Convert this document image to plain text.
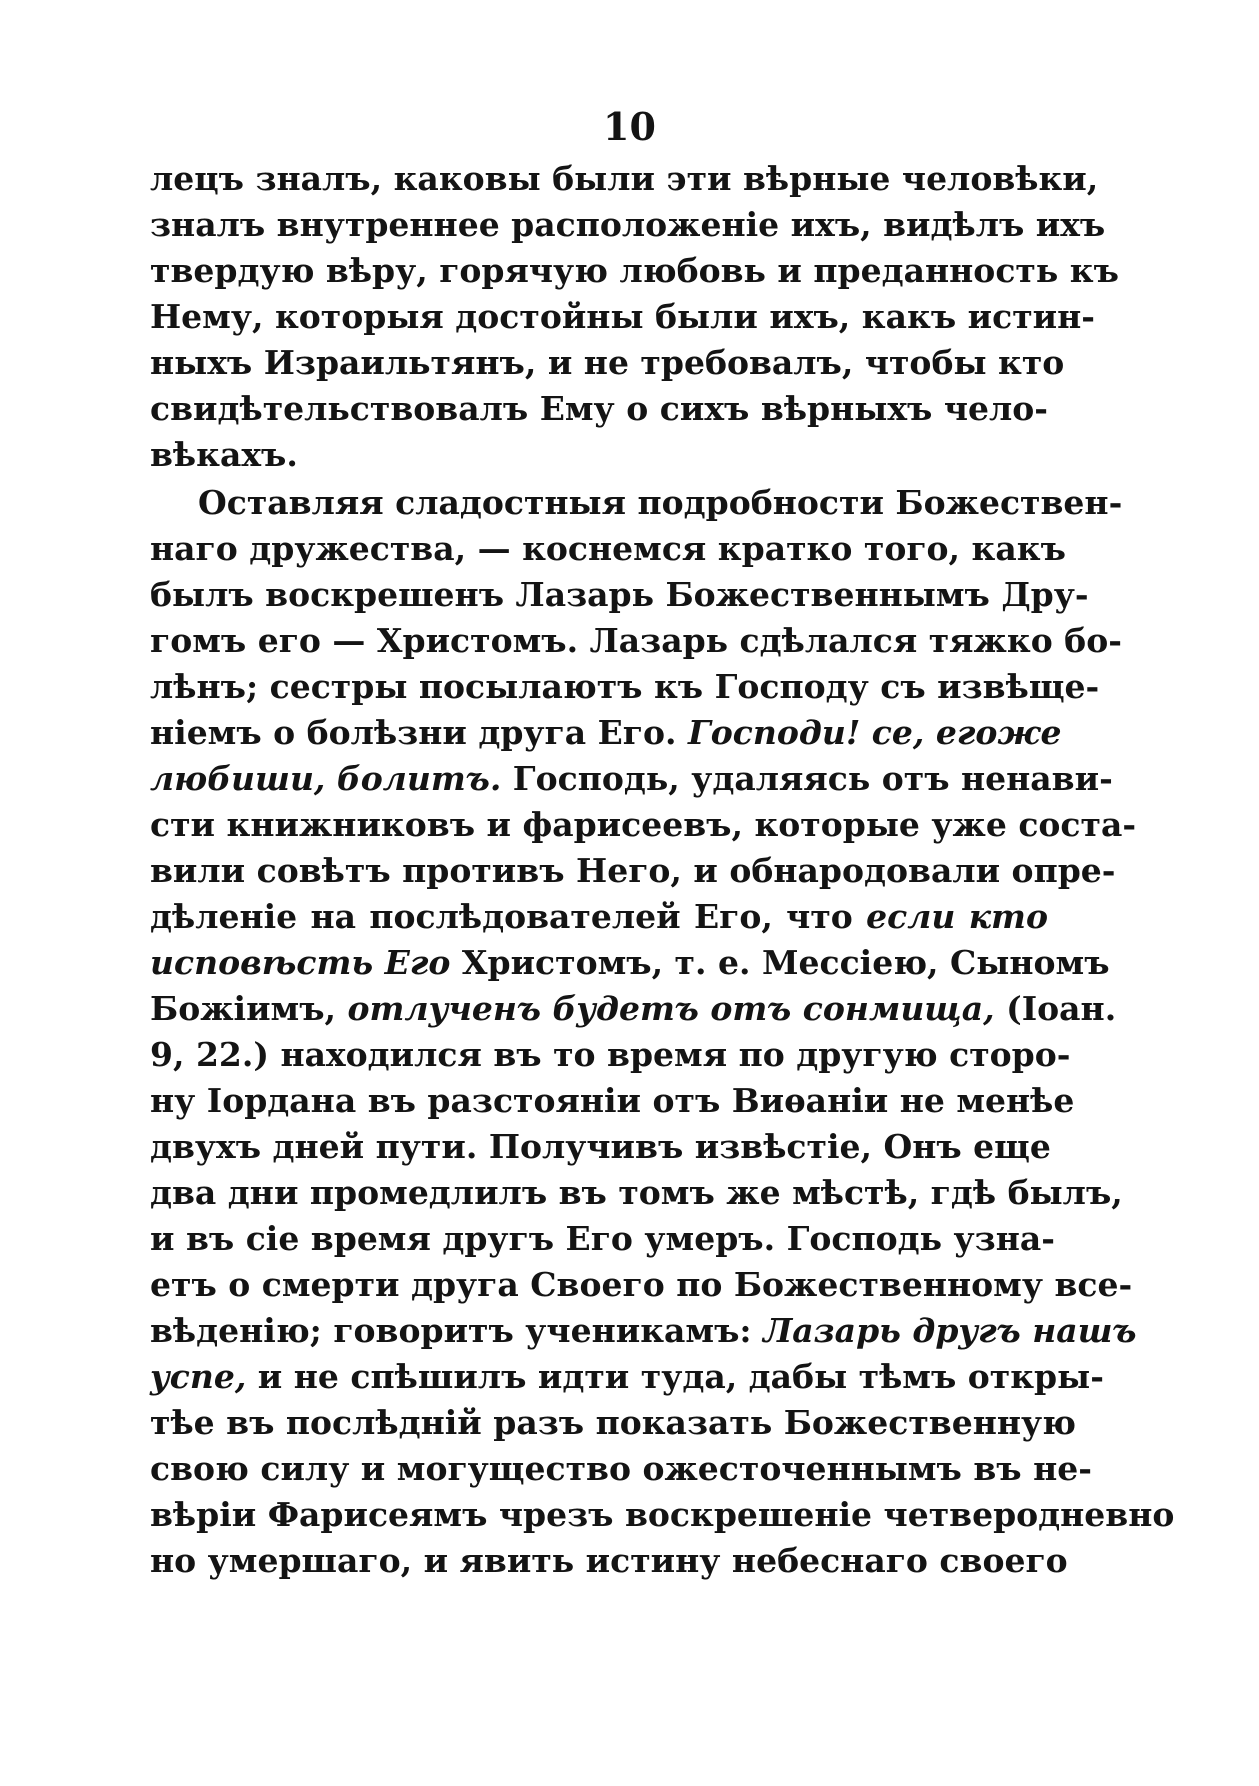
10
лецъ зналъ, каковы были эти вѣрные человѣки,
зналъ внутреннее расположеніе ихъ, видѣлъ ихъ
твердую вѣру, горячую любовь и преданность къ
Нему, которыя достойны были ихъ, какъ истин-
ныхъ Израильтянъ, и не требовалъ, чтобы кто
свидѣтельствовалъ Ему о сихъ вѣрныхъ чело-
вѣкахъ.
Оставляя сладостныя подробности Божествен-
наго дружества, — коснемся кратко того, какъ
былъ воскрешенъ Лазарь Божественнымъ Дру-
гомъ его — Христомъ. Лазарь сдѣлался тяжко бо-
лѣнъ; сестры посылаютъ къ Господу съ извѣще-
ніемъ о болѣзни друга Его. Господи! се, егоже
любиши, болитъ. Господь, удаляясь отъ ненави-
сти книжниковъ и фарисеевъ, которые уже соста-
вили совѣтъ противъ Него, и обнародовали опре-
дѣленіе на послѣдователей Его, что если кто
исповѣсть Его Христомъ, т. е. Мессіею, Сыномъ
Божіимъ, отлученъ будетъ отъ сонмища, (Іоан.
9, 22.) находился въ то время по другую сторо-
ну Іордана въ разстояніи отъ Виѳаніи не менѣе
двухъ дней пути. Получивъ извѣстіе, Онъ еще
два дни промедлилъ въ томъ же мѣстѣ, гдѣ былъ,
и въ сіе время другъ Его умеръ. Господь узна-
етъ о смерти друга Своего по Божественному все-
вѣденію; говоритъ ученикамъ: Лазарь другъ нашъ
успе, и не спѣшилъ идти туда, дабы тѣмъ откры-
тѣе въ послѣдній разъ показать Божественную
свою силу и могущество ожесточеннымъ въ не-
вѣріи Фарисеямъ чрезъ воскрешеніе четверодневно
но умершаго, и явить истину небеснаго своего
